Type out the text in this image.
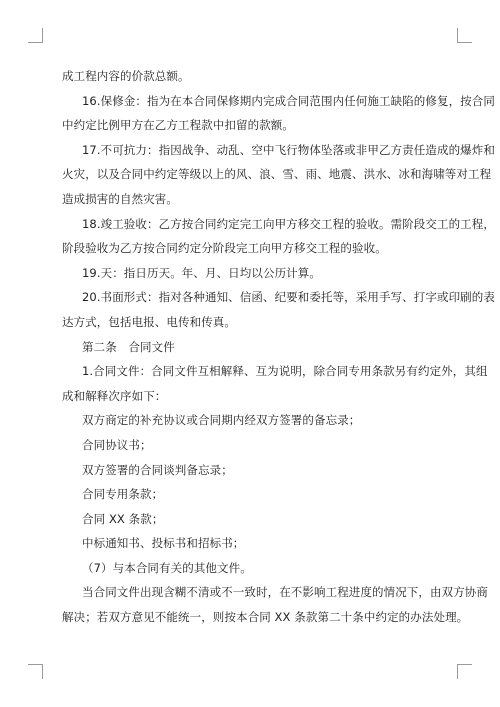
成工程内容的价款总额。

16.保修金：指为在本合同保修期内完成合同范围内任何施工缺陷的修复，按合同

中约定比例甲方在乙方工程款中扣留的款额。

17.不可抗力：指因战争、动乱、空中飞行物体坠落或非甲乙方责任造成的爆炸和

火灾，以及合同中约定等级以上的风、浪、雪、雨、地震、洪水、冰和海啸等对工程

造成损害的自然灾害。

18.竣工验收：乙方按合同约定完工向甲方移交工程的验收。需阶段交工的工程，

阶段验收为乙方按合同约定分阶段完工向甲方移交工程的验收。

19.天：指日历天。年、月、日均以公历计算。

20.书面形式：指对各种通知、信函、纪要和委托等，采用手写、打字或印刷的表

达方式，包括电报、电传和传真。

第二条　合同文件

1.合同文件：合同文件互相解释、互为说明，除合同专用条款另有约定外，其组

成和解释次序如下：

双方商定的补充协议或合同期内经双方签署的备忘录；

合同协议书；

双方签署的合同谈判备忘录；

合同专用条款；

合同 XX 条款；

中标通知书、投标书和招标书；

（7）与本合同有关的其他文件。

当合同文件出现含糊不清或不一致时，在不影响工程进度的情况下，由双方协商

解决；若双方意见不能统一，则按本合同 XX 条款第二十条中约定的办法处理。
